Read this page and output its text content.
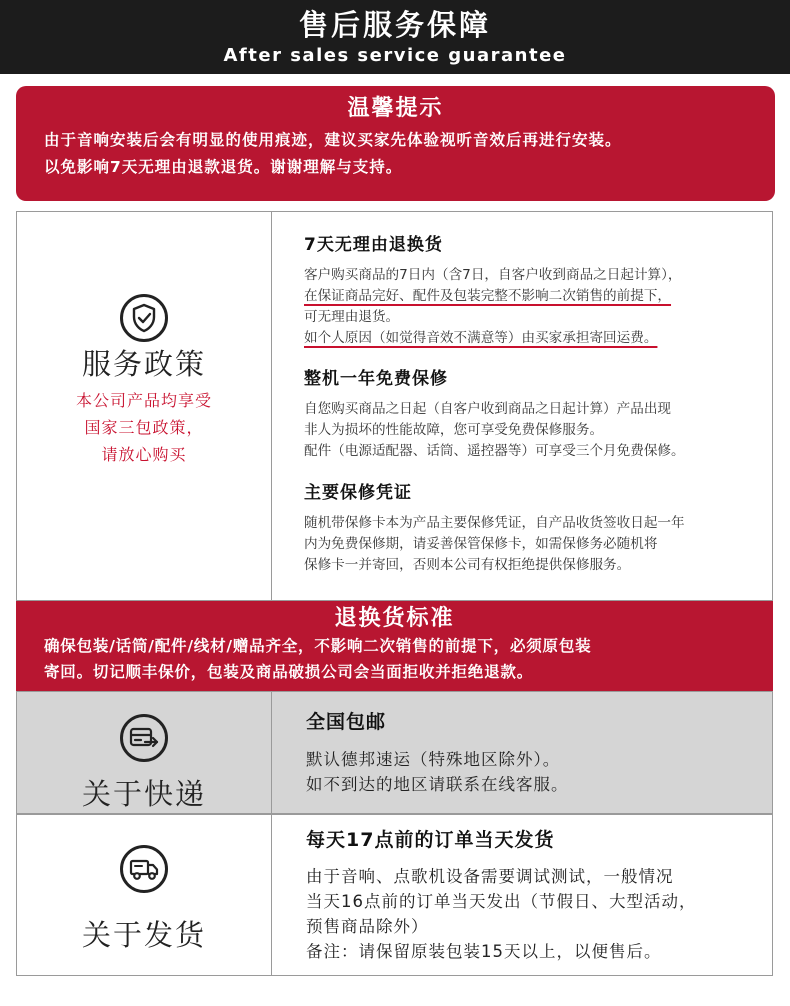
售后服务保障
After sales service guarantee
温馨提示
由于音响安装后会有明显的使用痕迹，建议买家先体验视听音效后再进行安装。
以免影响7天无理由退款退货。谢谢理解与支持。
服务政策
本公司产品均享受
国家三包政策，
请放心购买
7天无理由退换货
客户购买商品的7日内（含7日，自客户收到商品之日起计算），
在保证商品完好、配件及包装完整不影响二次销售的前提下，
可无理由退货。
如个人原因（如觉得音效不满意等）由买家承担寄回运费。
整机一年免费保修
自您购买商品之日起（自客户收到商品之日起计算）产品出现
非人为损坏的性能故障，您可享受免费保修服务。
配件（电源适配器、话筒、遥控器等）可享受三个月免费保修。
主要保修凭证
随机带保修卡本为产品主要保修凭证，自产品收货签收日起一年
内为免费保修期，请妥善保管保修卡，如需保修务必随机将
保修卡一并寄回，否则本公司有权拒绝提供保修服务。
退换货标准
确保包装/话筒/配件/线材/赠品齐全，不影响二次销售的前提下，必须原包装
寄回。切记顺丰保价，包装及商品破损公司会当面拒收并拒绝退款。
关于快递
全国包邮
默认德邦速运（特殊地区除外）。
如不到达的地区请联系在线客服。
关于发货
每天17点前的订单当天发货
由于音响、点歌机设备需要调试测试，一般情况
当天16点前的订单当天发出（节假日、大型活动，
预售商品除外）
备注：请保留原装包装15天以上，以便售后。
